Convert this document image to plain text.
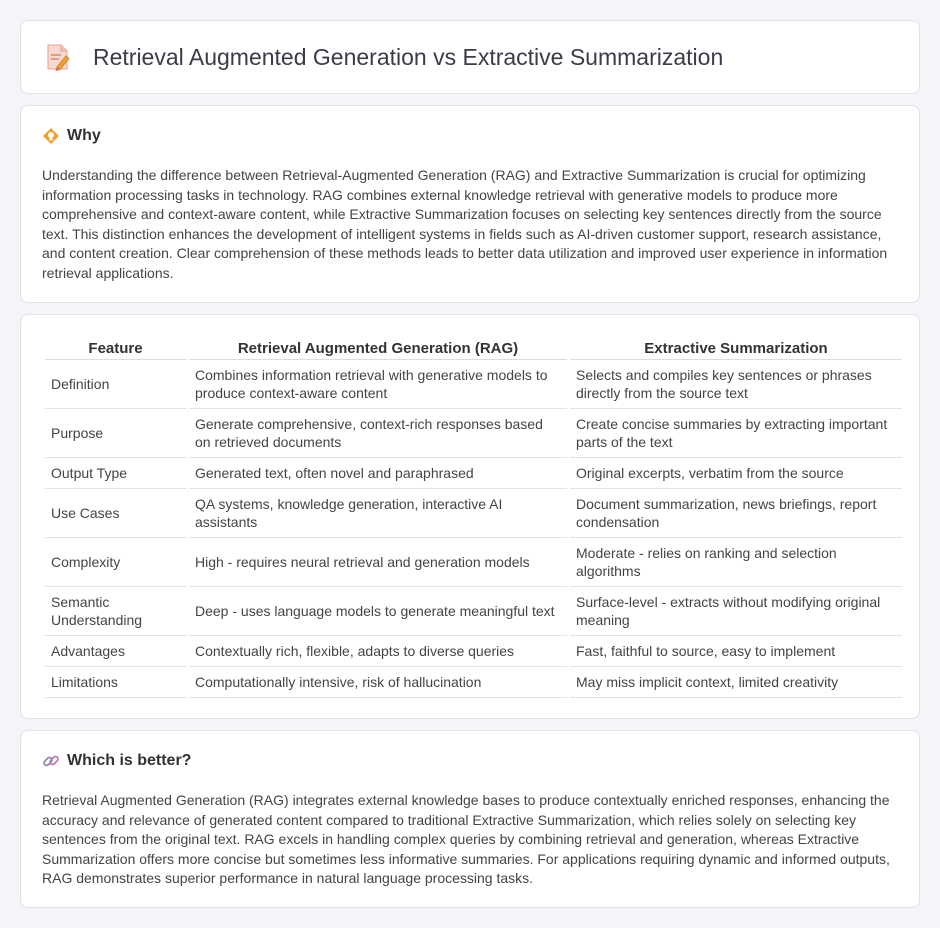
Retrieval Augmented Generation vs Extractive Summarization
Why

Understanding the difference between Retrieval-Augmented Generation (RAG) and Extractive Summarization is crucial for optimizing information processing tasks in technology. RAG combines external knowledge retrieval with generative models to produce more comprehensive and context-aware content, while Extractive Summarization focuses on selecting key sentences directly from the source text. This distinction enhances the development of intelligent systems in fields such as AI-driven customer support, research assistance, and content creation. Clear comprehension of these methods leads to better data utilization and improved user experience in information retrieval applications.

Feature	Retrieval Augmented Generation (RAG)	Extractive Summarization
Definition	Combines information retrieval with generative models to produce context-aware content	Selects and compiles key sentences or phrases directly from the source text
Purpose	Generate comprehensive, context-rich responses based on retrieved documents	Create concise summaries by extracting important parts of the text
Output Type	Generated text, often novel and paraphrased	Original excerpts, verbatim from the source
Use Cases	QA systems, knowledge generation, interactive AI assistants	Document summarization, news briefings, report condensation
Complexity	High - requires neural retrieval and generation models	Moderate - relies on ranking and selection algorithms
Semantic Understanding	Deep - uses language models to generate meaningful text	Surface-level - extracts without modifying original meaning
Advantages	Contextually rich, flexible, adapts to diverse queries	Fast, faithful to source, easy to implement
Limitations	Computationally intensive, risk of hallucination	May miss implicit context, limited creativity
Which is better?

Retrieval Augmented Generation (RAG) integrates external knowledge bases to produce contextually enriched responses, enhancing the accuracy and relevance of generated content compared to traditional Extractive Summarization, which relies solely on selecting key sentences from the original text. RAG excels in handling complex queries by combining retrieval and generation, whereas Extractive Summarization offers more concise but sometimes less informative summaries. For applications requiring dynamic and informed outputs, RAG demonstrates superior performance in natural language processing tasks.
